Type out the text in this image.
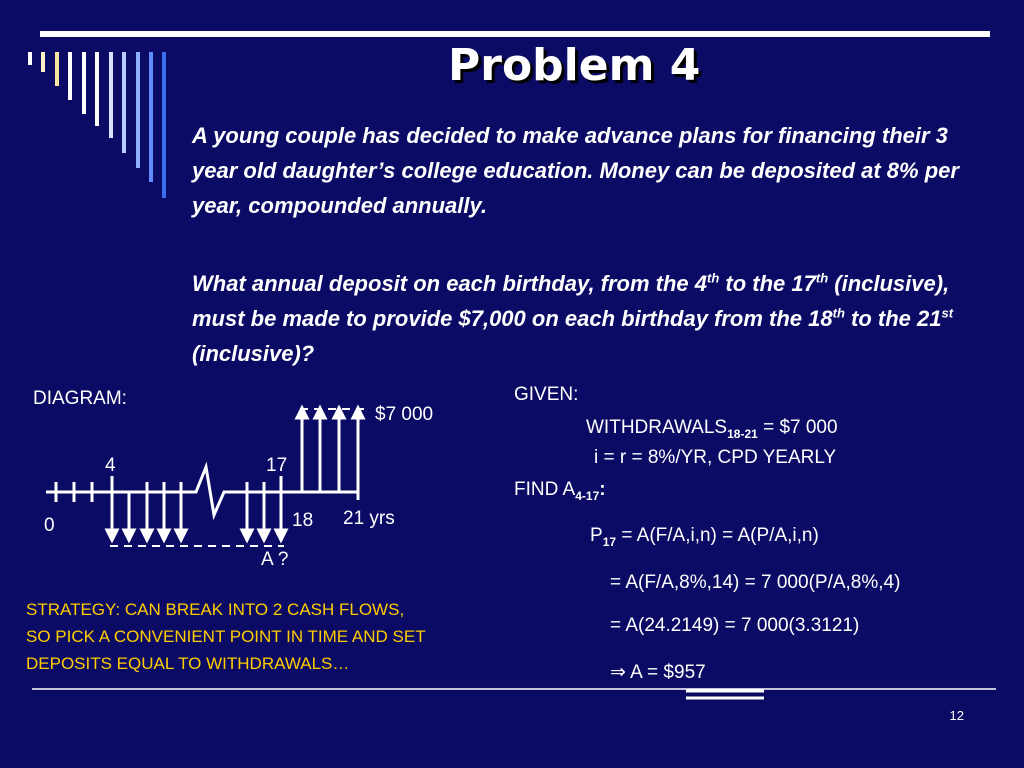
Problem 4
A young couple has decided to make advance plans for financing their 3 year old daughter’s college education. Money can be deposited at 8% per year, compounded annually.
What annual deposit on each birthday, from the 4th to the 17th (inclusive), must be made to provide $7,000 on each birthday from the 18th to the 21st (inclusive)?
DIAGRAM:
$7 000
4	17
0	18 21 yrs
A ?
GIVEN:
$WITHDRAWALS_{18-21}$ = $7 000
i = r = 8%/YR, CPD YEARLY
FIND $A_{4-17}$:
$P_{17} = A(F/A,i,n) = A(P/A,i,n)$
= A(F/A,8%,14) = 7 000(P/A,8%,4)
= A(24.2149) = 7 000(3.3121)
⇒ A = $957
STRATEGY: CAN BREAK INTO 2 CASH FLOWS,
SO PICK A CONVENIENT POINT IN TIME AND SET
DEPOSITS EQUAL TO WITHDRAWALS…
12
